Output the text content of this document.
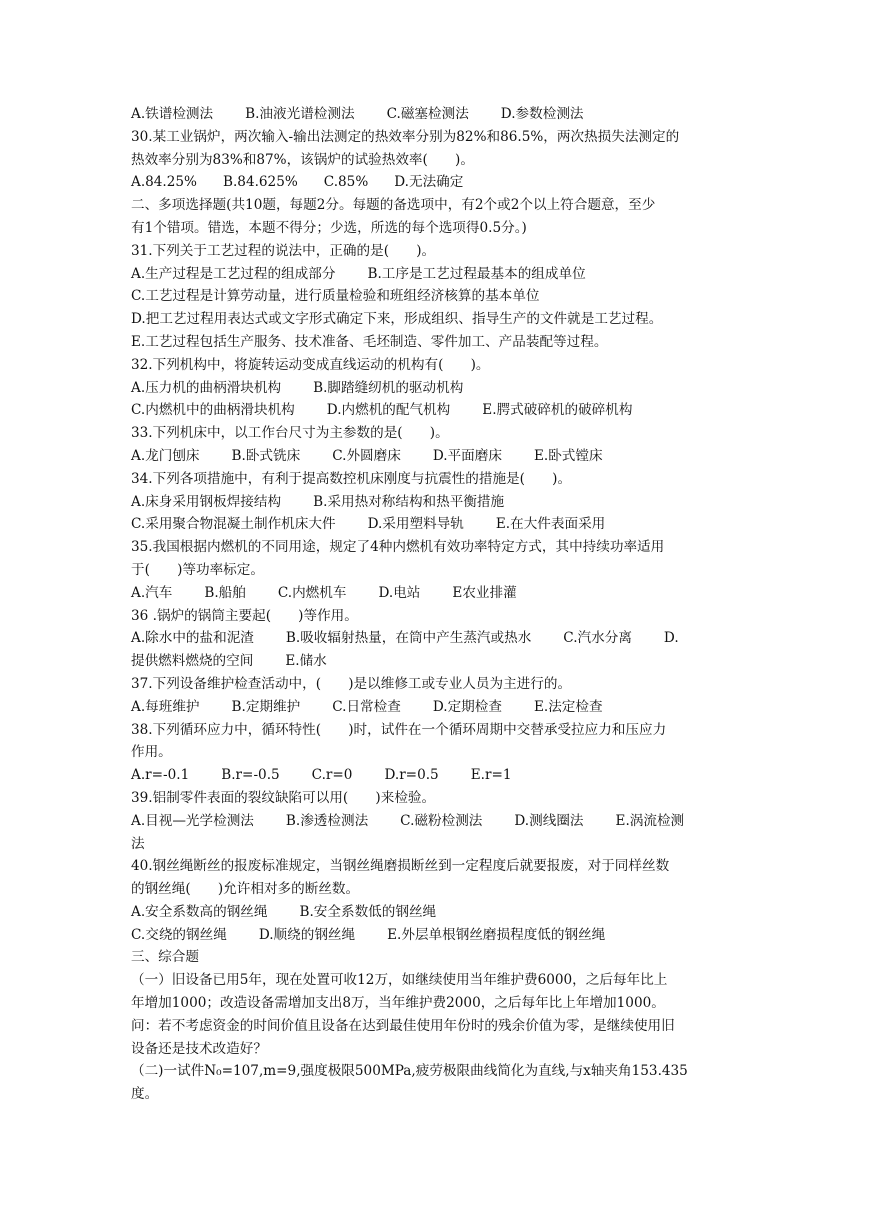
A.铁谱检测法 B.油液光谱检测法 C.磁塞检测法 D.参数检测法
30.某工业锅炉，两次输入-输出法测定的热效率分别为82%和86.5%，两次热损失法测定的
热效率分别为83%和87%，该锅炉的试验热效率(　　)。
A.84.25% B.84.625% C.85% D.无法确定
二、多项选择题(共10题，每题2分。每题的备选项中，有2个或2个以上符合题意，至少
有1个错项。错选，本题不得分；少选，所选的每个选项得0.5分。)
31.下列关于工艺过程的说法中，正确的是(　　)。
A.生产过程是工艺过程的组成部分 B.工序是工艺过程最基本的组成单位
C.工艺过程是计算劳动量，进行质量检验和班组经济核算的基本单位
D.把工艺过程用表达式或文字形式确定下来，形成组织、指导生产的文件就是工艺过程。
E.工艺过程包括生产服务、技术准备、毛坯制造、零件加工、产品装配等过程。
32.下列机构中，将旋转运动变成直线运动的机构有(　　)。
A.压力机的曲柄滑块机构 B.脚踏缝纫机的驱动机构
C.内燃机中的曲柄滑块机构 D.内燃机的配气机构 E.腭式破碎机的破碎机构
33.下列机床中，以工作台尺寸为主参数的是(　　)。
A.龙门刨床 B.卧式铣床 C.外圆磨床 D.平面磨床 E.卧式镗床
34.下列各项措施中，有利于提高数控机床刚度与抗震性的措施是(　　)。
A.床身采用钢板焊接结构 B.采用热对称结构和热平衡措施
C.采用聚合物混凝土制作机床大件 D.采用塑料导轨 E.在大件表面采用
35.我国根据内燃机的不同用途，规定了4种内燃机有效功率特定方式，其中持续功率适用
于(　　)等功率标定。
A.汽车 B.船舶 C.内燃机车 D.电站 E农业排灌
36 .锅炉的锅筒主要起(　　)等作用。
A.除水中的盐和泥渣 B.吸收辐射热量，在筒中产生蒸汽或热水 C.汽水分离 D.
提供燃料燃烧的空间 E.储水
37.下列设备维护检查活动中，(　　)是以维修工或专业人员为主进行的。
A.每班维护 B.定期维护 C.日常检查 D.定期检查 E.法定检查
38.下列循环应力中，循环特性(　　)时，试件在一个循环周期中交替承受拉应力和压应力
作用。
A.r=-0.1 B.r=-0.5 C.r=0 D.r=0.5 E.r=1
39.铝制零件表面的裂纹缺陷可以用(　　)来检验。
A.目视—光学检测法 B.渗透检测法 C.磁粉检测法 D.测线圈法 E.涡流检测
法
40.钢丝绳断丝的报废标准规定，当钢丝绳磨损断丝到一定程度后就要报废，对于同样丝数
的钢丝绳(　　)允许相对多的断丝数。
A.安全系数高的钢丝绳 B.安全系数低的钢丝绳
C.交绕的钢丝绳 D.顺绕的钢丝绳 E.外层单根钢丝磨损程度低的钢丝绳
三、综合题
（一）旧设备已用5年，现在处置可收12万，如继续使用当年维护费6000，之后每年比上
年增加1000；改造设备需增加支出8万，当年维护费2000，之后每年比上年增加1000。
问：若不考虑资金的时间价值且设备在达到最佳使用年份时的残余价值为零，是继续使用旧
设备还是技术改造好？
（二)一试件N₀=107,m=9,强度极限500MPa,疲劳极限曲线简化为直线,与x轴夹角153.435
度。
